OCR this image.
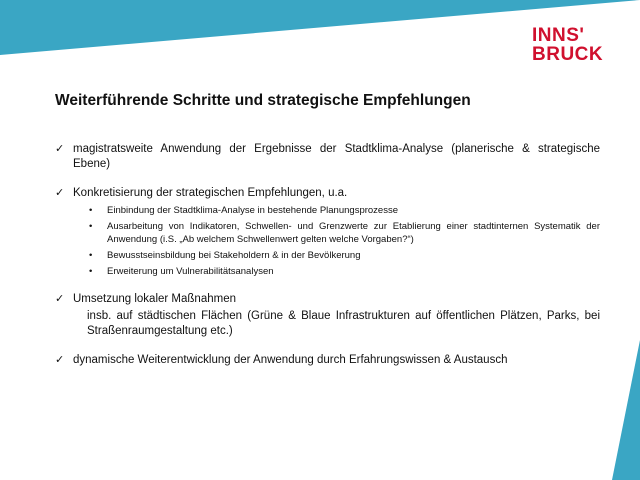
INNS'
BRUCK
Weiterführende Schritte und strategische Empfehlungen
✓ magistratsweite Anwendung der Ergebnisse der Stadtklima-Analyse (planerische & strategische Ebene)
✓ Konkretisierung der strategischen Empfehlungen, u.a.
• Einbindung der Stadtklima-Analyse in bestehende Planungsprozesse
• Ausarbeitung von Indikatoren, Schwellen- und Grenzwerte zur Etablierung einer stadtinternen Systematik der Anwendung (i.S. „Ab welchem Schwellenwert gelten welche Vorgaben?“)
• Bewusstseinsbildung bei Stakeholdern & in der Bevölkerung
• Erweiterung um Vulnerabilitätsanalysen
✓ Umsetzung lokaler Maßnahmen
insb. auf städtischen Flächen (Grüne & Blaue Infrastrukturen auf öffentlichen Plätzen, Parks, bei Straßenraumgestaltung etc.)
✓ dynamische Weiterentwicklung der Anwendung durch Erfahrungswissen & Austausch
